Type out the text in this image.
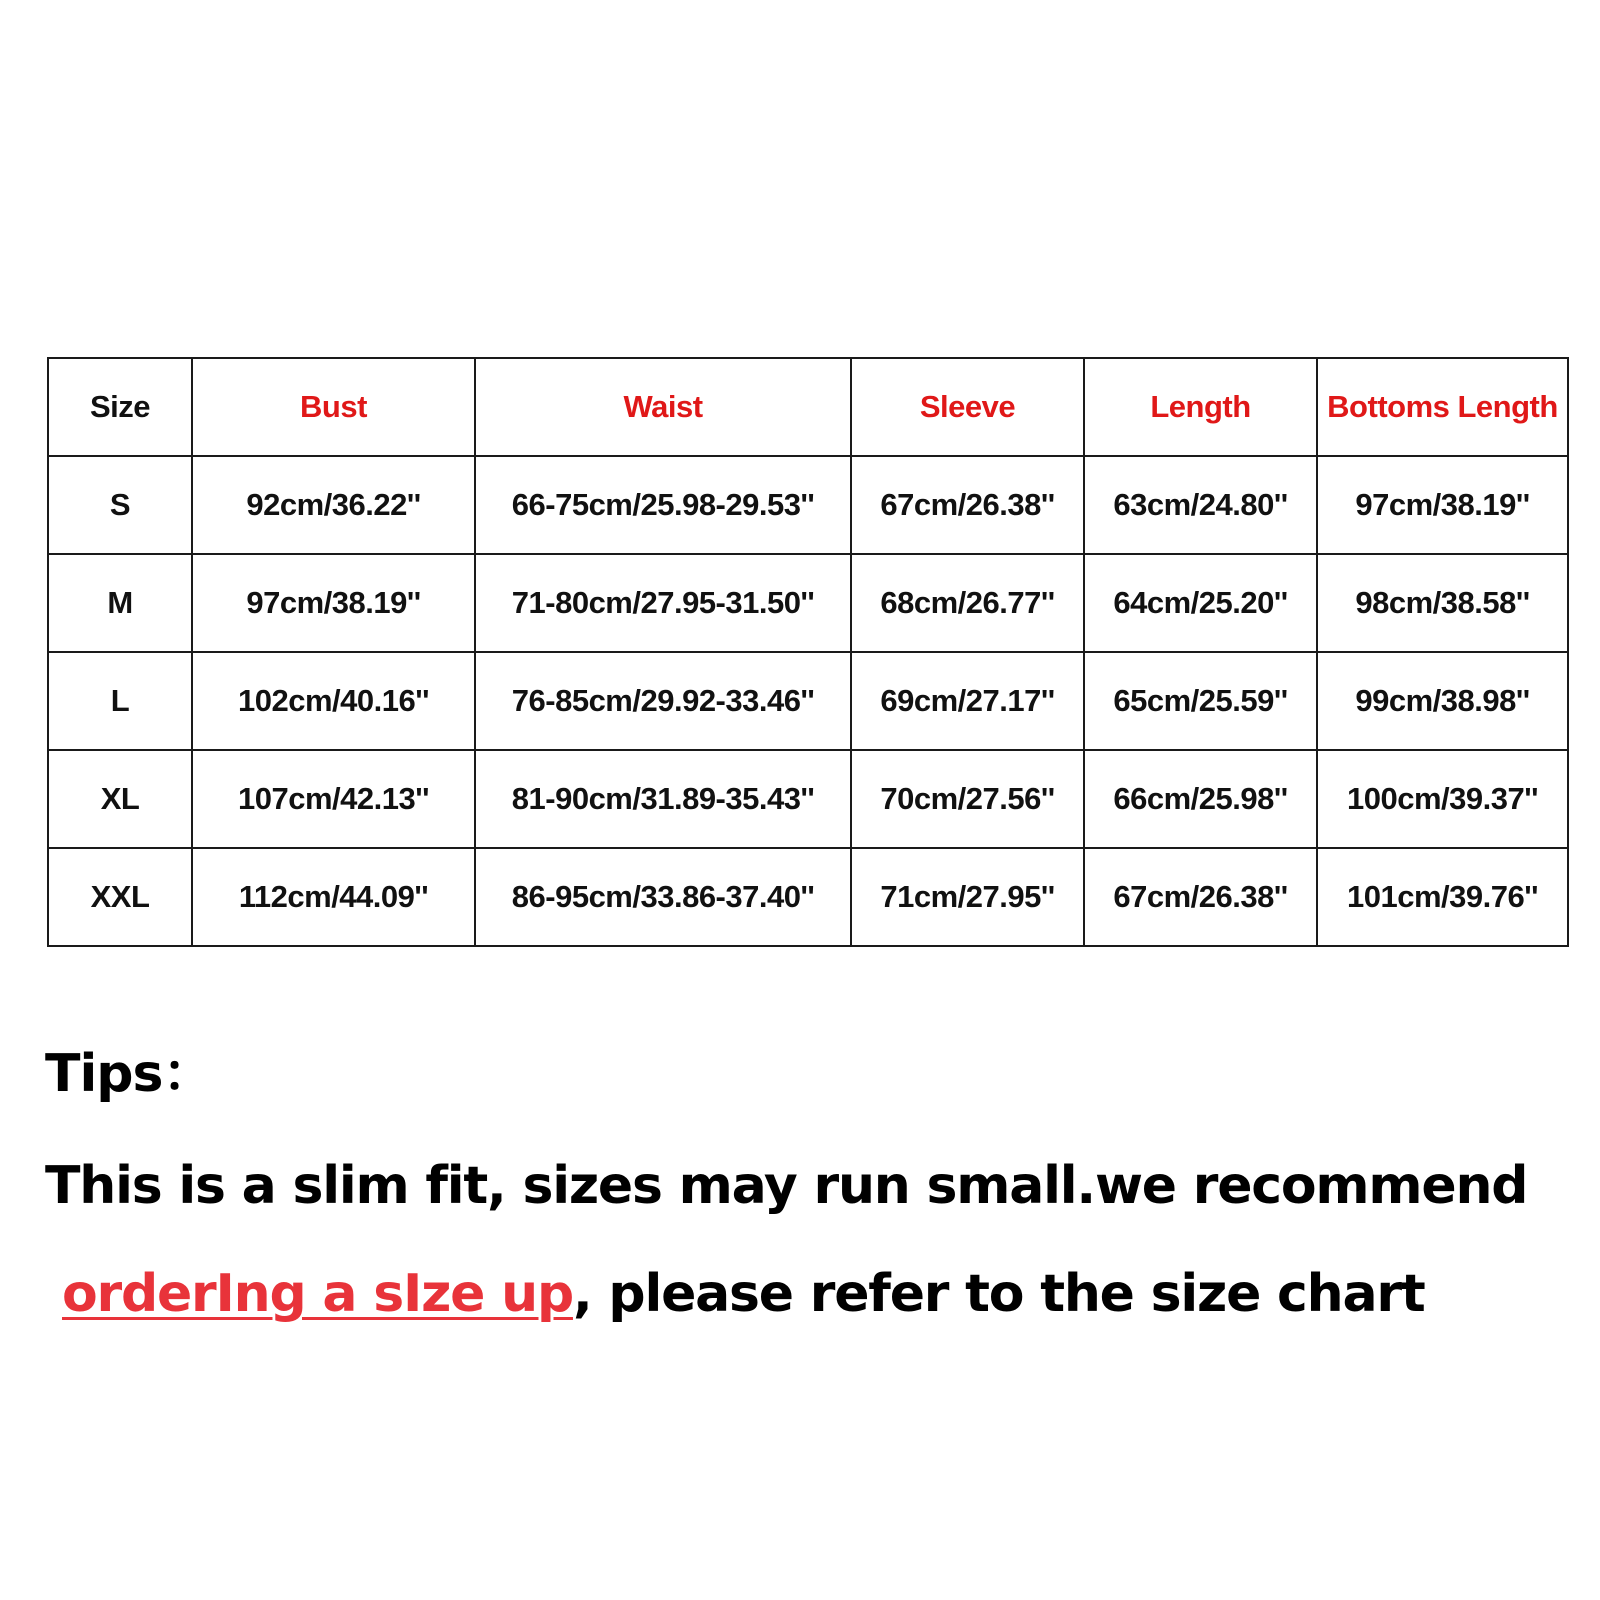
Size	Bust	Waist	Sleeve	Length	Bottoms Length
S	92cm/36.22''	66-75cm/25.98-29.53''	67cm/26.38''	63cm/24.80''	97cm/38.19''
M	97cm/38.19''	71-80cm/27.95-31.50''	68cm/26.77''	64cm/25.20''	98cm/38.58''
L	102cm/40.16''	76-85cm/29.92-33.46''	69cm/27.17''	65cm/25.59''	99cm/38.98''
XL	107cm/42.13''	81-90cm/31.89-35.43''	70cm/27.56''	66cm/25.98''	100cm/39.37''
XXL	112cm/44.09''	86-95cm/33.86-37.40''	71cm/27.95''	67cm/26.38''	101cm/39.76''
Tips：
This is a slim fit, sizes may run small.we recommend
orderIng a sIze up, please refer to the size chart
